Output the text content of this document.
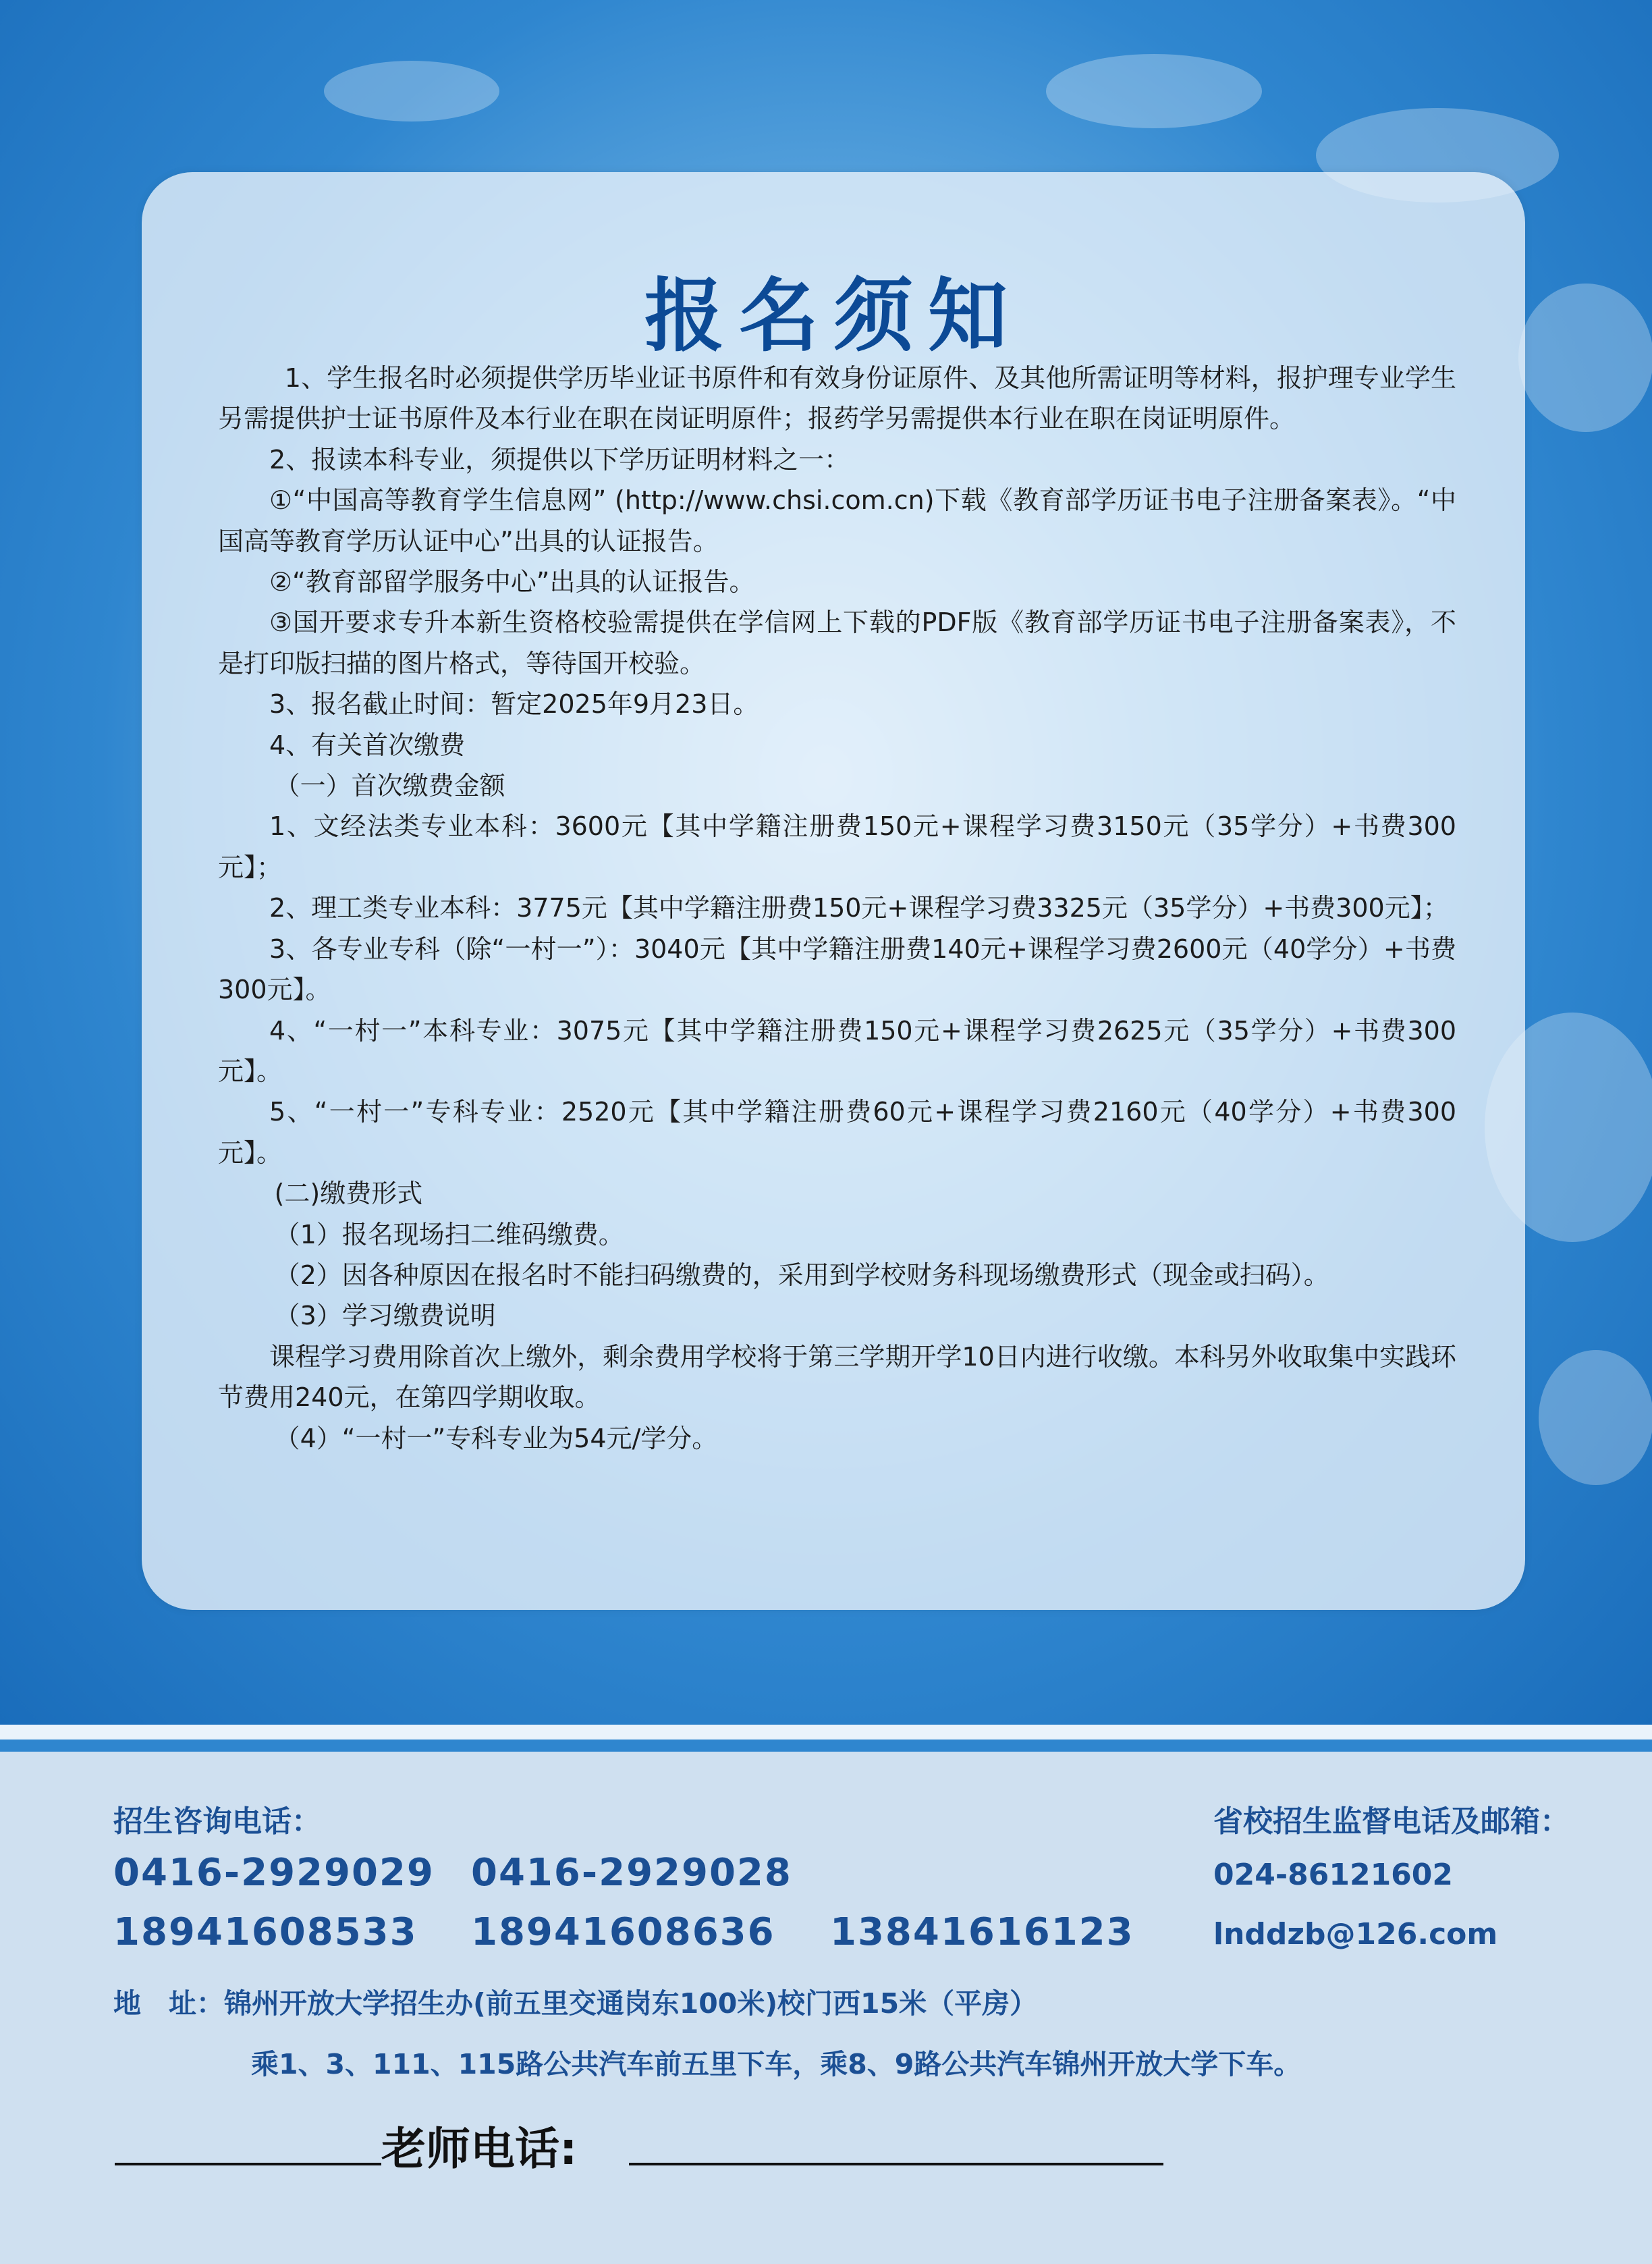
报名须知

1、学生报名时必须提供学历毕业证书原件和有效身份证原件、及其他所需证明等材料，报护理专业学生另需提供护士证书原件及本行业在职在岗证明原件；报药学另需提供本行业在职在岗证明原件。

2、报读本科专业，须提供以下学历证明材料之一：

①“中国高等教育学生信息网” (http://www.chsi.com.cn)下载《教育部学历证书电子注册备案表》。“中国高等教育学历认证中心”出具的认证报告。

②“教育部留学服务中心”出具的认证报告。

③国开要求专升本新生资格校验需提供在学信网上下载的PDF版《教育部学历证书电子注册备案表》，不是打印版扫描的图片格式，等待国开校验。

3、报名截止时间：暂定2025年9月23日。

4、有关首次缴费

（一）首次缴费金额

1、文经法类专业本科：3600元【其中学籍注册费150元+课程学习费3150元（35学分）+书费300元】；

2、理工类专业本科：3775元【其中学籍注册费150元+课程学习费3325元（35学分）+书费300元】；

3、各专业专科（除“一村一”）：3040元【其中学籍注册费140元+课程学习费2600元（40学分）+书费300元】。

4、“一村一”本科专业：3075元【其中学籍注册费150元+课程学习费2625元（35学分）+书费300元】。

5、“一村一”专科专业：2520元【其中学籍注册费60元+课程学习费2160元（40学分）+书费300元】。

(二)缴费形式

（1）报名现场扫二维码缴费。

（2）因各种原因在报名时不能扫码缴费的，采用到学校财务科现场缴费形式（现金或扫码）。

（3）学习缴费说明

课程学习费用除首次上缴外，剩余费用学校将于第三学期开学10日内进行收缴。本科另外收取集中实践环节费用240元，在第四学期收取。

（4）“一村一”专科专业为54元/学分。

招生咨询电话：
0416-2929029 0416-2929028
18941608533 18941608636 13841616123
省校招生监督电话及邮箱：
024-86121602
lnddzb@126.com
地　址：锦州开放大学招生办(前五里交通岗东100米)校门西15米（平房）
乘1、3、111、115路公共汽车前五里下车，乘8、9路公共汽车锦州开放大学下车。
老师电话:
